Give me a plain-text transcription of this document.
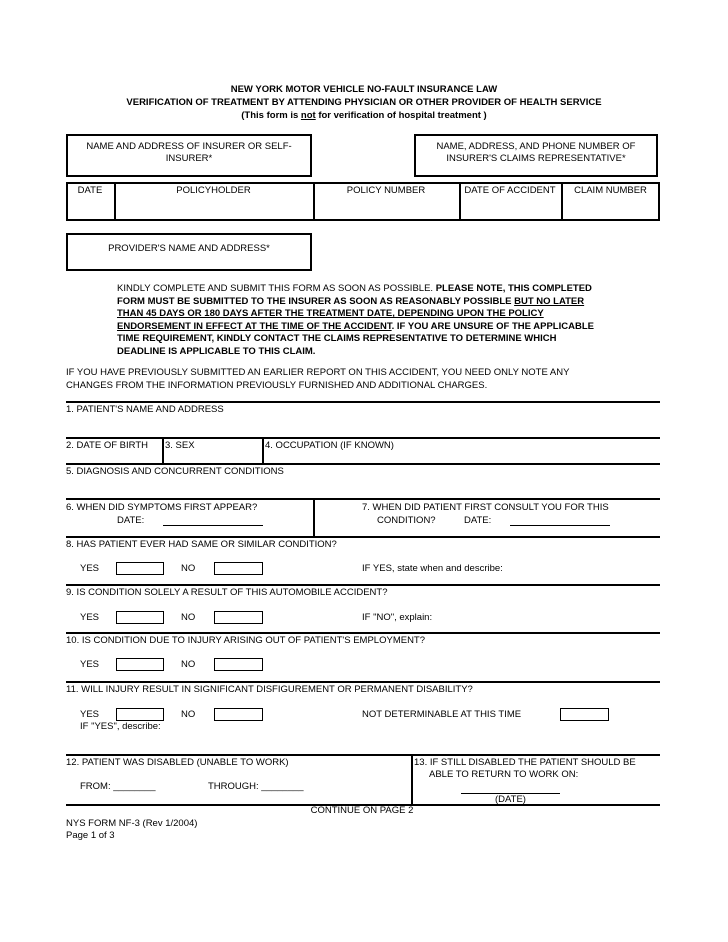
NEW YORK MOTOR VEHICLE NO-FAULT INSURANCE LAW
VERIFICATION OF TREATMENT BY ATTENDING PHYSICIAN OR OTHER PROVIDER OF HEALTH SERVICE
(This form is not for verification of hospital treatment )
NAME AND ADDRESS OF INSURER OR SELF-
INSURER*
NAME, ADDRESS, AND PHONE NUMBER OF
INSURER'S CLAIMS REPRESENTATIVE*
DATE	POLICYHOLDER	POLICY NUMBER	DATE OF ACCIDENT	CLAIM NUMBER
PROVIDER'S NAME AND ADDRESS*
KINDLY COMPLETE AND SUBMIT THIS FORM AS SOON AS POSSIBLE. PLEASE NOTE, THIS COMPLETED
FORM MUST BE SUBMITTED TO THE INSURER AS SOON AS REASONABLY POSSIBLE BUT NO LATER
THAN 45 DAYS OR 180 DAYS AFTER THE TREATMENT DATE, DEPENDING UPON THE POLICY
ENDORSEMENT IN EFFECT AT THE TIME OF THE ACCIDENT. IF YOU ARE UNSURE OF THE APPLICABLE
TIME REQUIREMENT, KINDLY CONTACT THE CLAIMS REPRESENTATIVE TO DETERMINE WHICH
DEADLINE IS APPLICABLE TO THIS CLAIM.
IF YOU HAVE PREVIOUSLY SUBMITTED AN EARLIER REPORT ON THIS ACCIDENT, YOU NEED ONLY NOTE ANY
CHANGES FROM THE INFORMATION PREVIOUSLY FURNISHED AND ADDITIONAL CHARGES.
1. PATIENT'S NAME AND ADDRESS
2. DATE OF BIRTH 3. SEX	4. OCCUPATION (IF KNOWN)
5. DIAGNOSIS AND CONCURRENT CONDITIONS
6. WHEN DID SYMPTOMS FIRST APPEAR?
DATE:
7. WHEN DID PATIENT FIRST CONSULT YOU FOR THIS
CONDITION?	DATE:
8. HAS PATIENT EVER HAD SAME OR SIMILAR CONDITION?
YES	NO	IF YES, state when and describe:
9. IS CONDITION SOLELY A RESULT OF THIS AUTOMOBILE ACCIDENT?
YES	NO	IF "NO", explain:
10. IS CONDITION DUE TO INJURY ARISING OUT OF PATIENT'S EMPLOYMENT?
YES	NO
11. WILL INJURY RESULT IN SIGNIFICANT DISFIGUREMENT OR PERMANENT DISABILITY?
YES	NO	NOT DETERMINABLE AT THIS TIME
IF "YES", describe:
12. PATIENT WAS DISABLED (UNABLE TO WORK)
FROM: ________	THROUGH: ________
13. IF STILL DISABLED THE PATIENT SHOULD BE
ABLE TO RETURN TO WORK ON:
(DATE)
CONTINUE ON PAGE 2
NYS FORM NF-3 (Rev 1/2004)
Page 1 of 3
